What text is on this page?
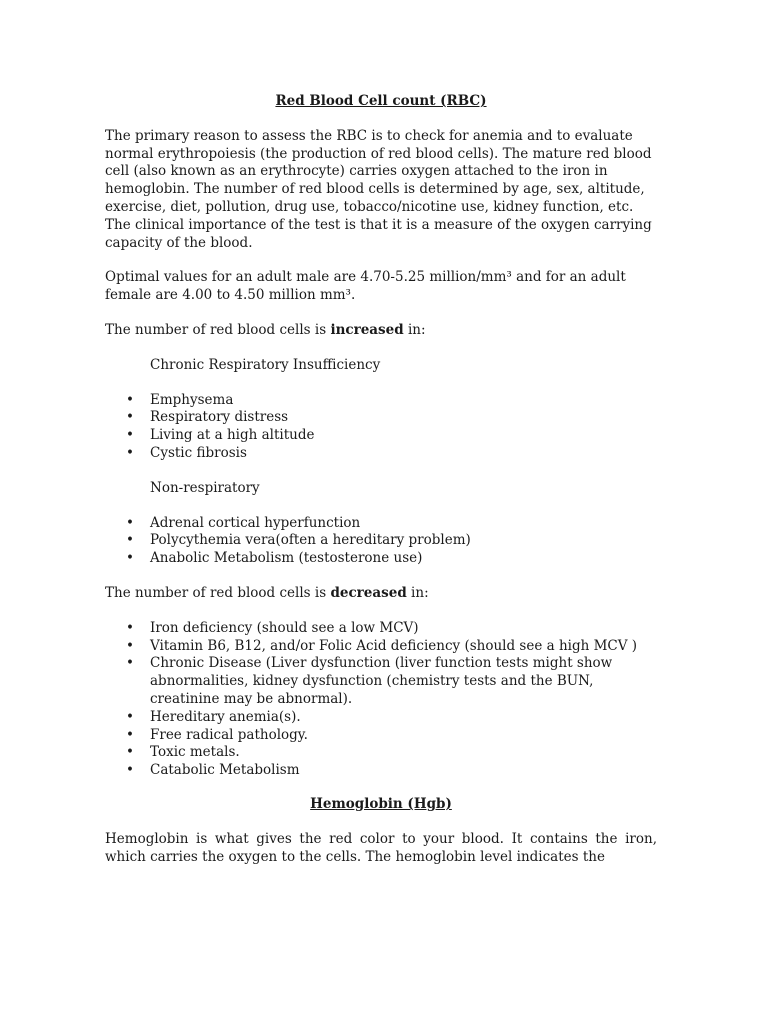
Red Blood Cell count (RBC)

The primary reason to assess the RBC is to check for anemia and to evaluate normal erythropoiesis (the production of red blood cells). The mature red blood cell (also known as an erythrocyte) carries oxygen attached to the iron in hemoglobin. The number of red blood cells is determined by age, sex, altitude, exercise, diet, pollution, drug use, tobacco/nicotine use, kidney function, etc. The clinical importance of the test is that it is a measure of the oxygen carrying capacity of the blood.

Optimal values for an adult male are 4.70-5.25 million/mm³ and for an adult female are 4.00 to 4.50 million mm³.

The number of red blood cells is increased in:

Chronic Respiratory Insufficiency

• Emphysema
• Respiratory distress
• Living at a high altitude
• Cystic fibrosis

Non-respiratory

• Adrenal cortical hyperfunction
• Polycythemia vera(often a hereditary problem)
• Anabolic Metabolism (testosterone use)

The number of red blood cells is decreased in:

• Iron deficiency (should see a low MCV)
• Vitamin B6, B12, and/or Folic Acid deficiency (should see a high MCV )
• Chronic Disease (Liver dysfunction (liver function tests might show abnormalities, kidney dysfunction (chemistry tests and the BUN, creatinine may be abnormal).
• Hereditary anemia(s).
• Free radical pathology.
• Toxic metals.
• Catabolic Metabolism

Hemoglobin (Hgb)

Hemoglobin is what gives the red color to your blood. It contains the iron, which carries the oxygen to the cells. The hemoglobin level indicates the
